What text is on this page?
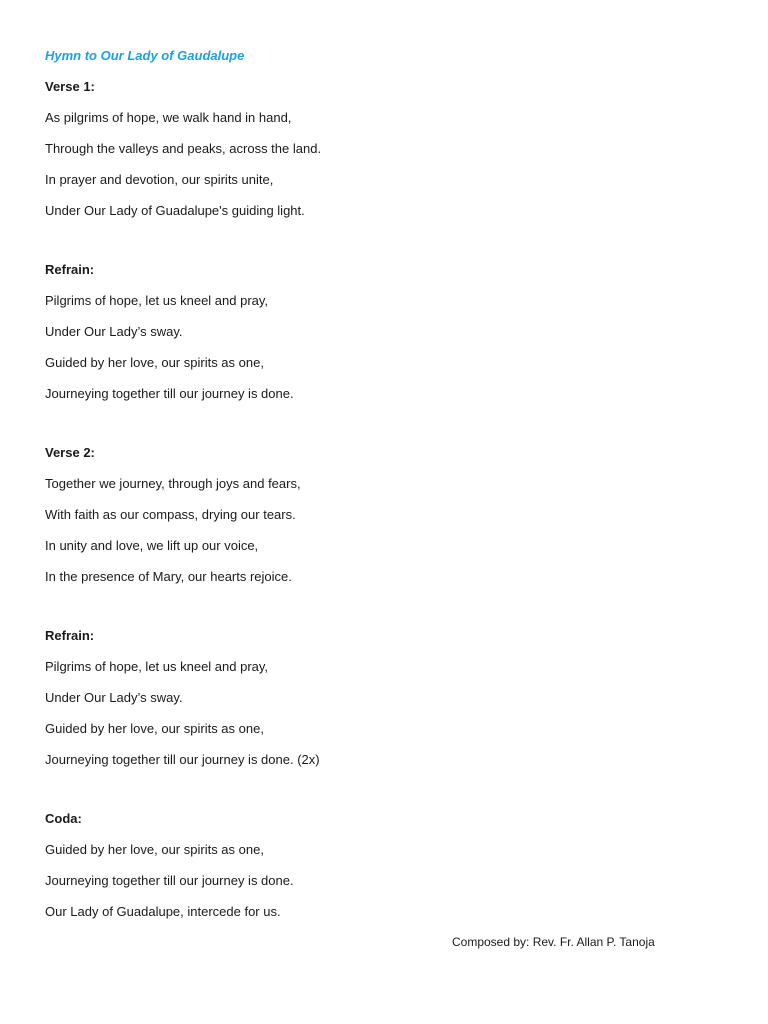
Hymn to Our Lady of Gaudalupe
Verse 1:
As pilgrims of hope, we walk hand in hand,
Through the valleys and peaks, across the land.
In prayer and devotion, our spirits unite,
Under Our Lady of Guadalupe's guiding light.
Refrain:
Pilgrims of hope, let us kneel and pray,
Under Our Lady’s sway.
Guided by her love, our spirits as one,
Journeying together till our journey is done.
Verse 2:
Together we journey, through joys and fears,
With faith as our compass, drying our tears.
In unity and love, we lift up our voice,
In the presence of Mary, our hearts rejoice.
Refrain:
Pilgrims of hope, let us kneel and pray,
Under Our Lady’s sway.
Guided by her love, our spirits as one,
Journeying together till our journey is done. (2x)
Coda:
Guided by her love, our spirits as one,
Journeying together till our journey is done.
Our Lady of Guadalupe, intercede for us.
Composed by: Rev. Fr. Allan P. Tanoja
